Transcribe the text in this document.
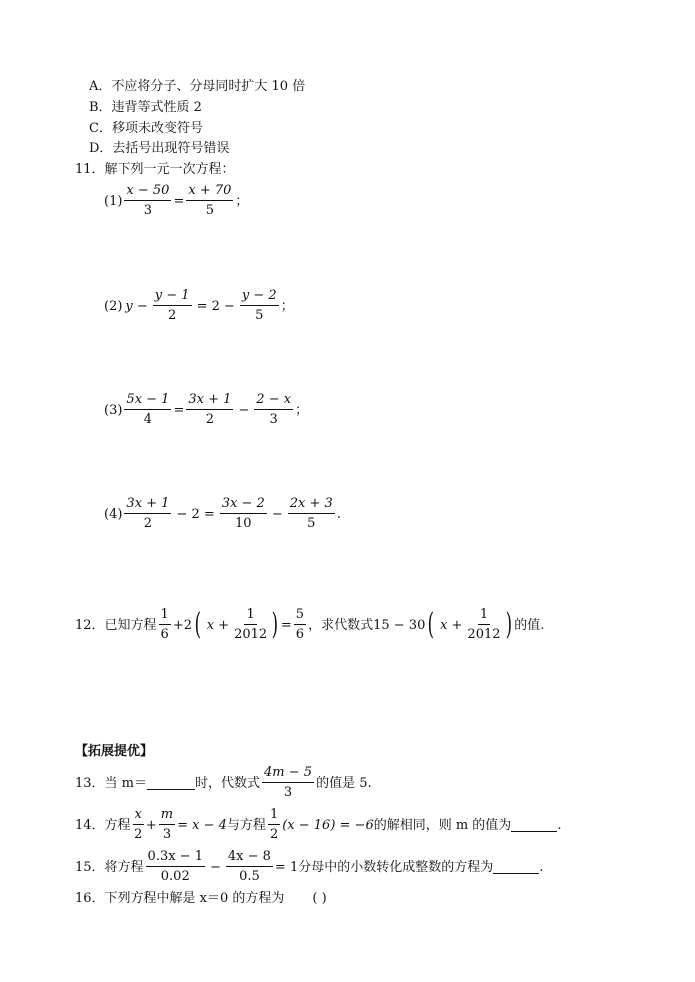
A．不应将分子、分母同时扩大 10 倍
B．违背等式性质 2
C．移项未改变符号
D．去括号出现符号错误
11．解下列一元一次方程：
$(1) \frac{x - 50}{3} = \frac{x + 70}{5}$ ；
(2) $y - \frac{y - 1}{2} = 2 - \frac{y - 2}{5}$ ；
$(3) \frac{5x - 1}{4} = \frac{3x + 1}{2} - \frac{2 - x}{3}$ ；
$(4) \frac{3x + 1}{2} - 2 = \frac{3x - 2}{10} - \frac{2x + 3}{5}$ .
12．已知方程 $\frac{1}{6} +2$ ( $x + \frac{1}{2012}$ ) = $\frac{5}{6}$ ，求代数式 15 − 30 ( $x + \frac{1}{2012}$ ) 的值.
【拓展提优】
13．当 m＝	时，代数式 $\frac{4m - 5}{3}$ 的值是 5.
14．方程 $\frac{x}{2} + \frac{m}{3} = x - 4$ 与方程 $\frac{1}{2} (x - 16) = -6$ 的解相同，则 m 的值为	.
15．将方程 $\frac{0.3x - 1}{0.02} - \frac{4x - 8}{0.5} = 1$分母中的小数转化成整数的方程为	.
16．下列方程中解是 x＝0 的方程为 ( )
